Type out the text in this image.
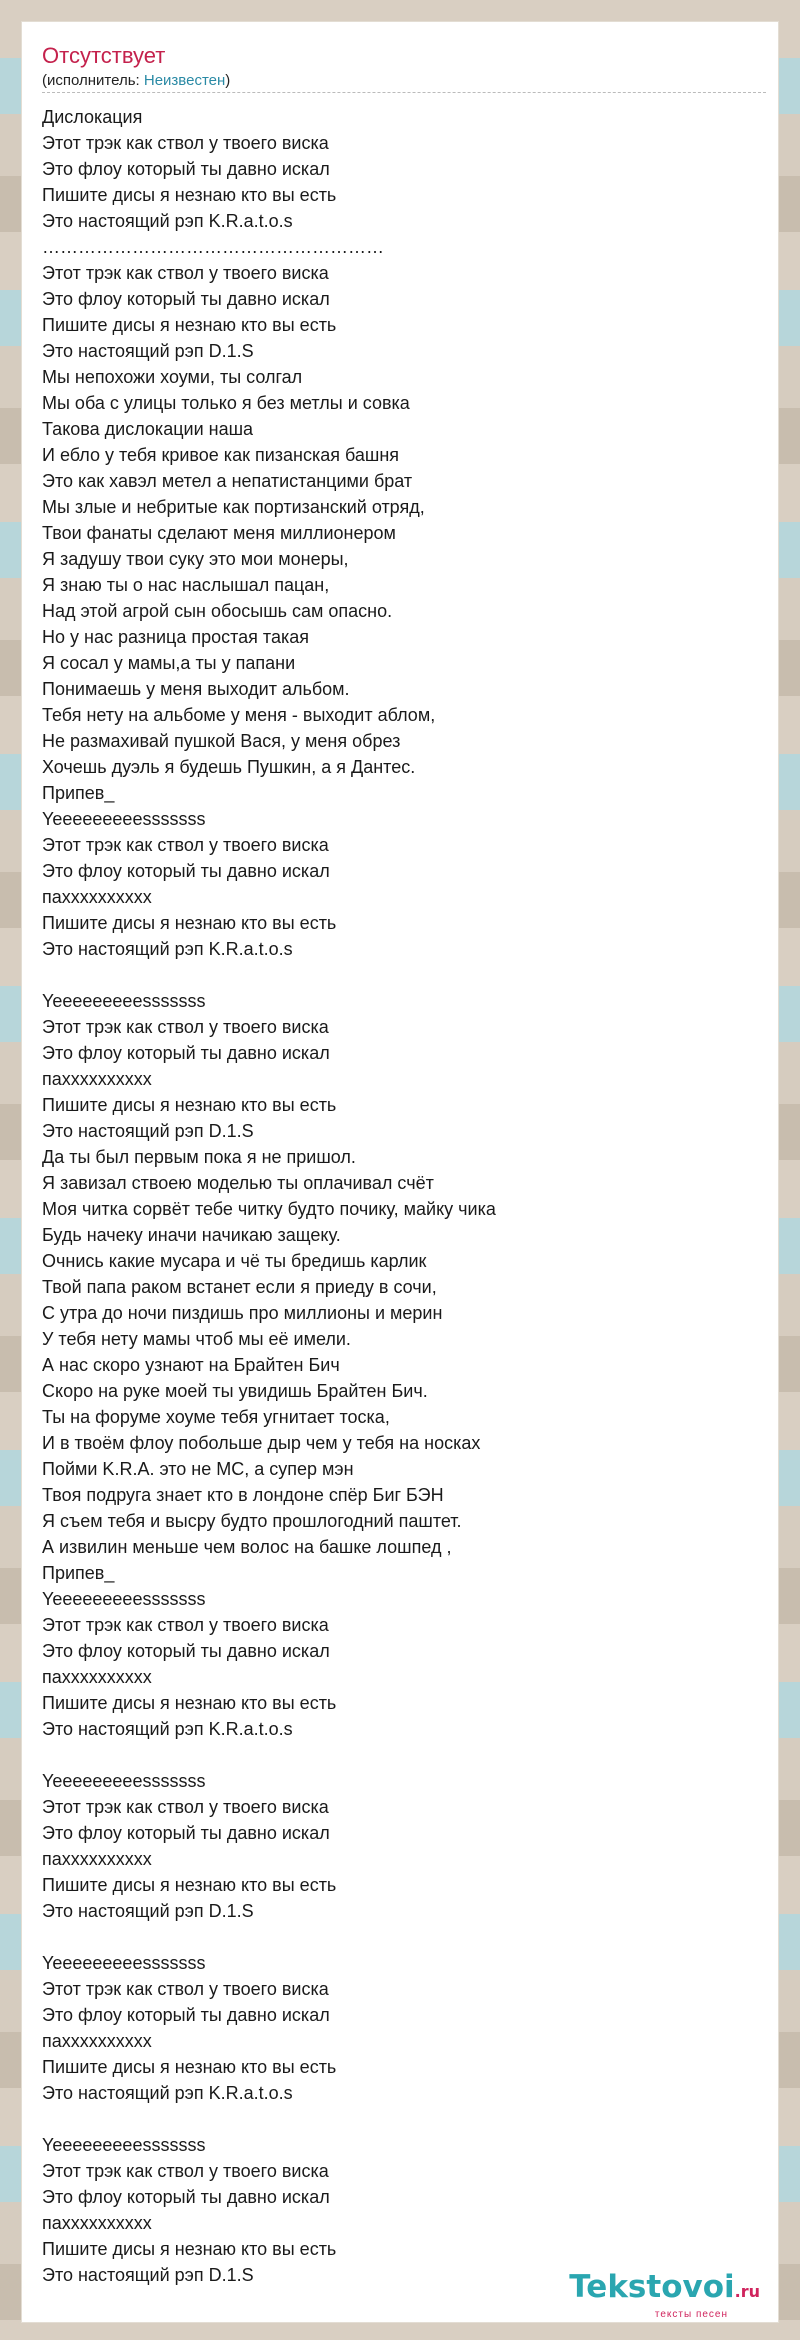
Отсутствует
(исполнитель: Неизвестен)
Дислокация
Этот трэк как ствол у твоего виска
Это флоу который ты давно искал
Пишите дисы я незнаю кто вы есть
Это настоящий рэп K.R.a.t.o.s
…………………………………………………
Этот трэк как ствол у твоего виска
Это флоу который ты давно искал
Пишите дисы я незнаю кто вы есть
Это настоящий рэп D.1.S
Мы непохожи хоуми, ты солгал
Мы оба с улицы только я без метлы и совка
Такова дислокации наша
И ебло у тебя кривое как пизанская башня
Это как хавэл метел а непатистанцими брат
Мы злые и небритые как портизанский отряд,
Твои фанаты сделают меня миллионером
Я задушу твои суку это мои монеры,
Я знаю ты о нас наслышал пацан,
Над этой агрой сын обосышь сам опасно.
Но у нас разница простая такая
Я сосал у мамы,а ты у папани
Понимаешь у меня выходит альбом.
Тебя нету на альбоме у меня - выходит аблом,
Не размахивай пушкой Вася, у меня обрез
Хочешь дуэль я будешь Пушкин, а я Дантес.
Припев_
Yeeeeeeeeesssssss
Этот трэк как ствол у твоего виска
Это флоу который ты давно искал
пахххххххххх
Пишите дисы я незнаю кто вы есть
Это настоящий рэп K.R.a.t.o.s

Yeeeeeeeeesssssss
Этот трэк как ствол у твоего виска
Это флоу который ты давно искал
пахххххххххх
Пишите дисы я незнаю кто вы есть
Это настоящий рэп D.1.S
Да ты был первым пока я не пришол.
Я завизал ствоею моделью ты оплачивал счёт
Моя читка сорвёт тебе читку будто почику, майку чика
Будь начеку иначи начикаю защеку.
Очнись какие мусара и чё ты бредишь карлик
Твой папа раком встанет если я приеду в сочи,
С утра до ночи пиздишь про миллионы и мерин
У тебя нету мамы чтоб мы её имели.
А нас скоро узнают на Брайтен Бич
Скоро на руке моей ты увидишь Брайтен Бич.
Ты на форуме хоуме тебя угнитает тоска,
И в твоём флоу побольше дыр чем у тебя на носках
Пойми K.R.A. это не MC, а супер мэн
Твоя подруга знает кто в лондоне спёр Биг БЭН
Я съем тебя и высру будто прошлогодний паштет.
А извилин меньше чем волос на башке лошпед ,
Припев_
Yeeeeeeeeesssssss
Этот трэк как ствол у твоего виска
Это флоу который ты давно искал
пахххххххххх
Пишите дисы я незнаю кто вы есть
Это настоящий рэп K.R.a.t.o.s

Yeeeeeeeeesssssss
Этот трэк как ствол у твоего виска
Это флоу который ты давно искал
пахххххххххх
Пишите дисы я незнаю кто вы есть
Это настоящий рэп D.1.S

Yeeeeeeeeesssssss
Этот трэк как ствол у твоего виска
Это флоу который ты давно искал
пахххххххххх
Пишите дисы я незнаю кто вы есть
Это настоящий рэп K.R.a.t.o.s

Yeeeeeeeeesssssss
Этот трэк как ствол у твоего виска
Это флоу который ты давно искал
пахххххххххх
Пишите дисы я незнаю кто вы есть
Это настоящий рэп D.1.S	Tekstovoi.ru
тексты песен
